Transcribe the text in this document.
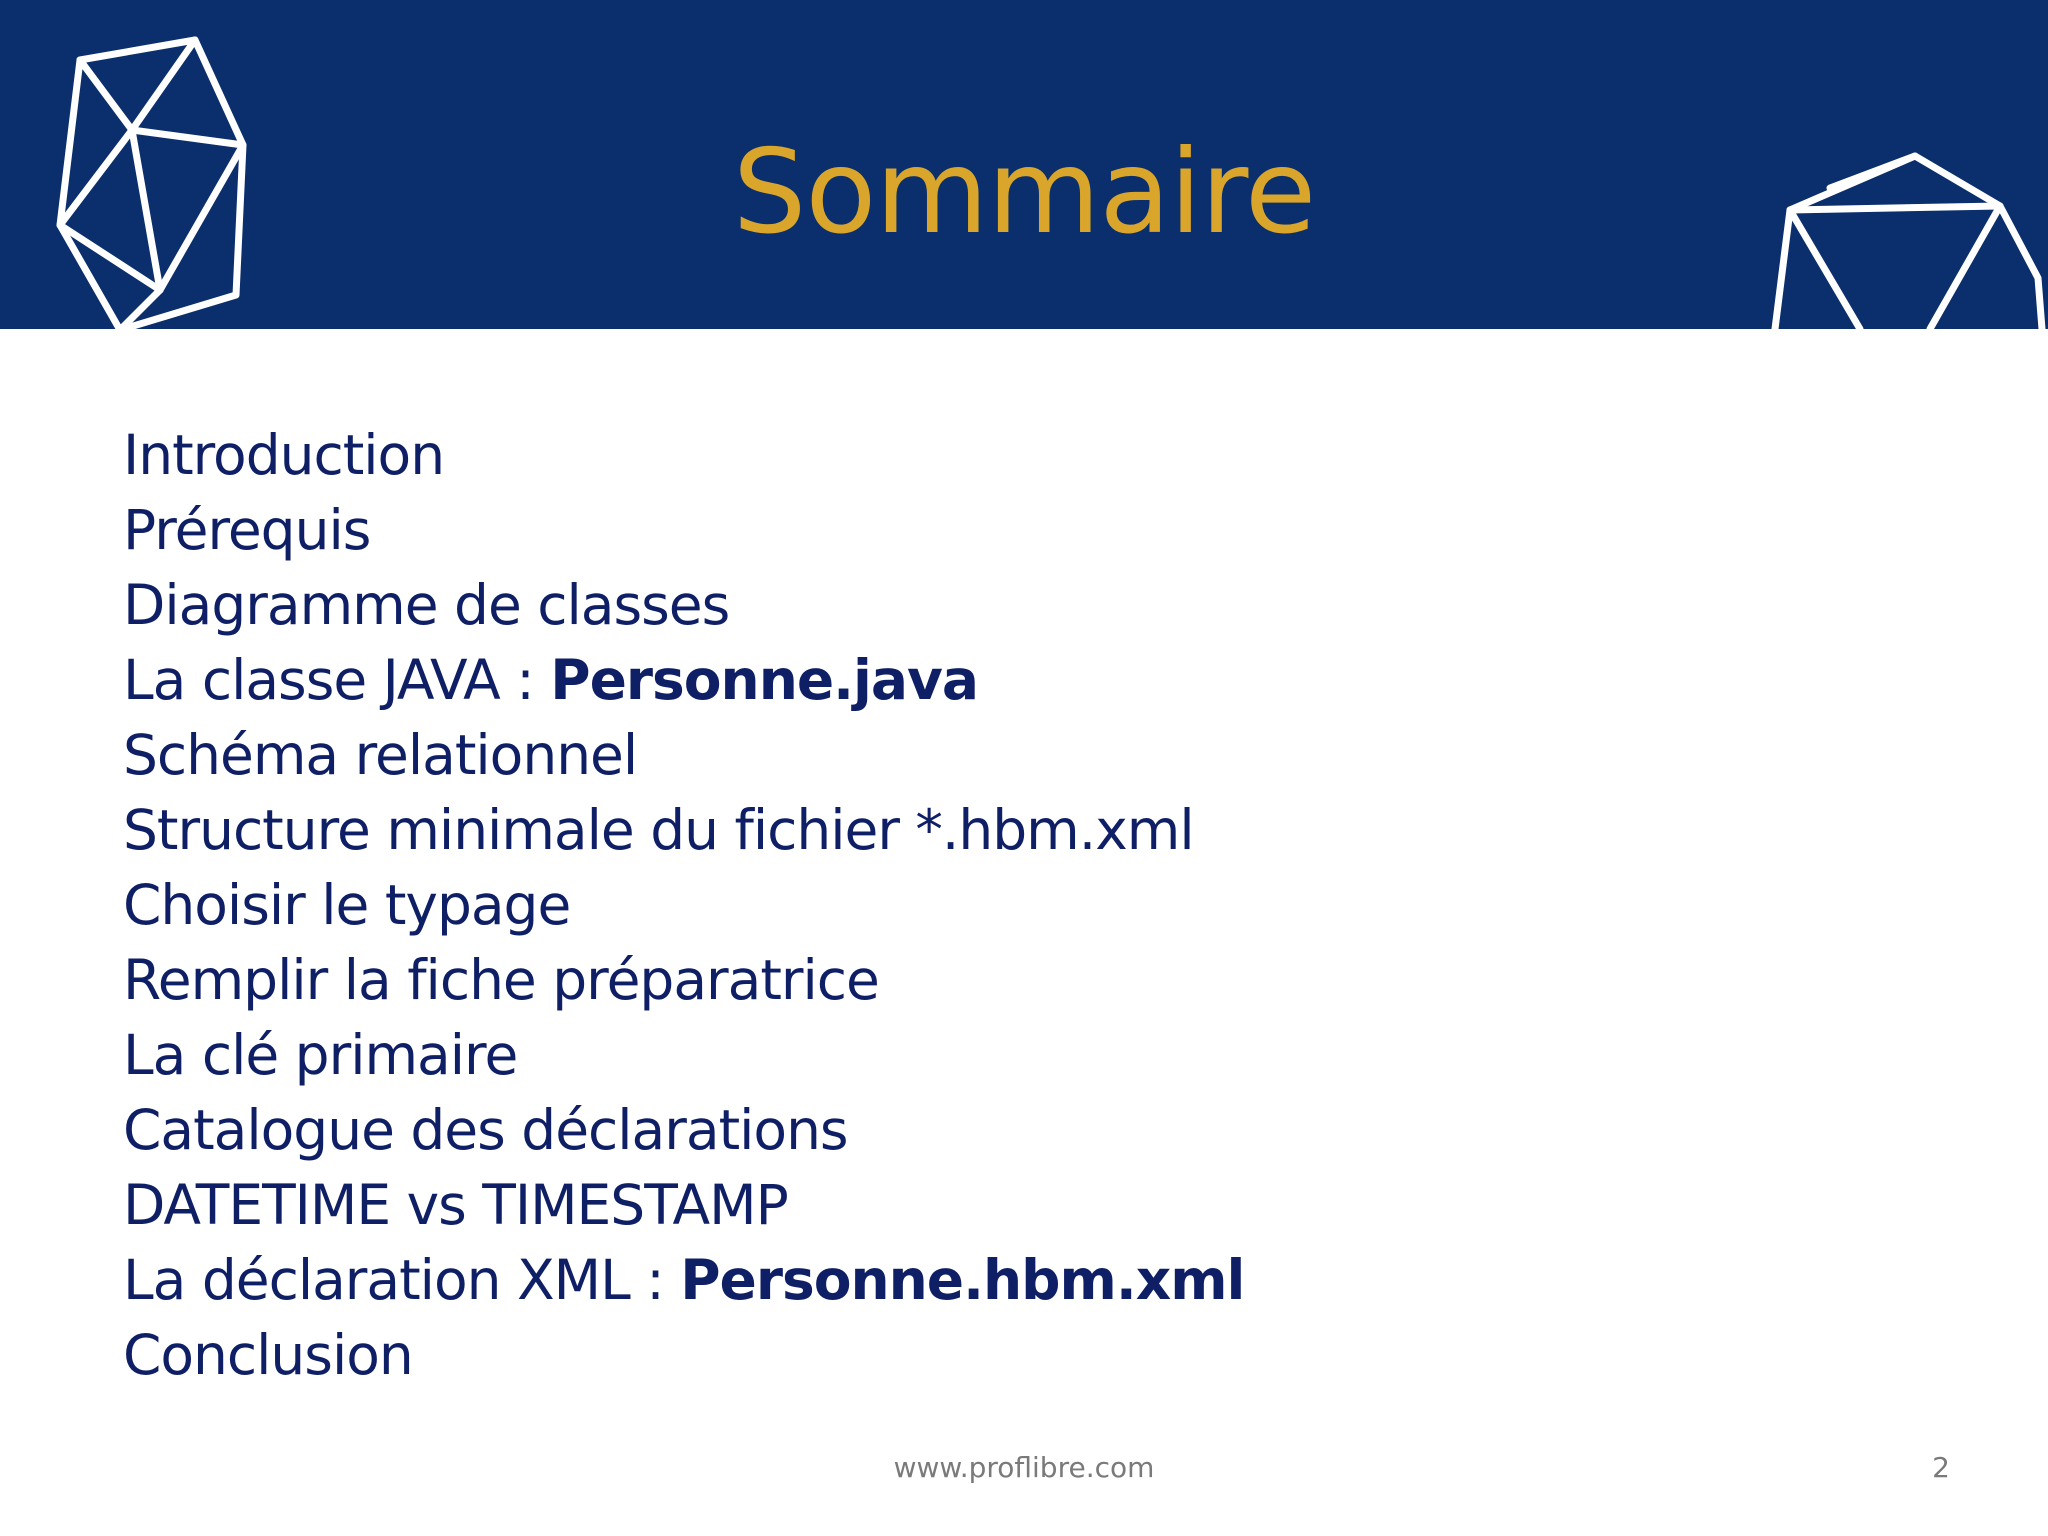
Sommaire
Introduction
Prérequis
Diagramme de classes
La classe JAVA : Personne.java
Schéma relationnel
Structure minimale du fichier *.hbm.xml
Choisir le typage
Remplir la fiche préparatrice
La clé primaire
Catalogue des déclarations
DATETIME vs TIMESTAMP
La déclaration XML : Personne.hbm.xml
Conclusion
www.proflibre.com	2
